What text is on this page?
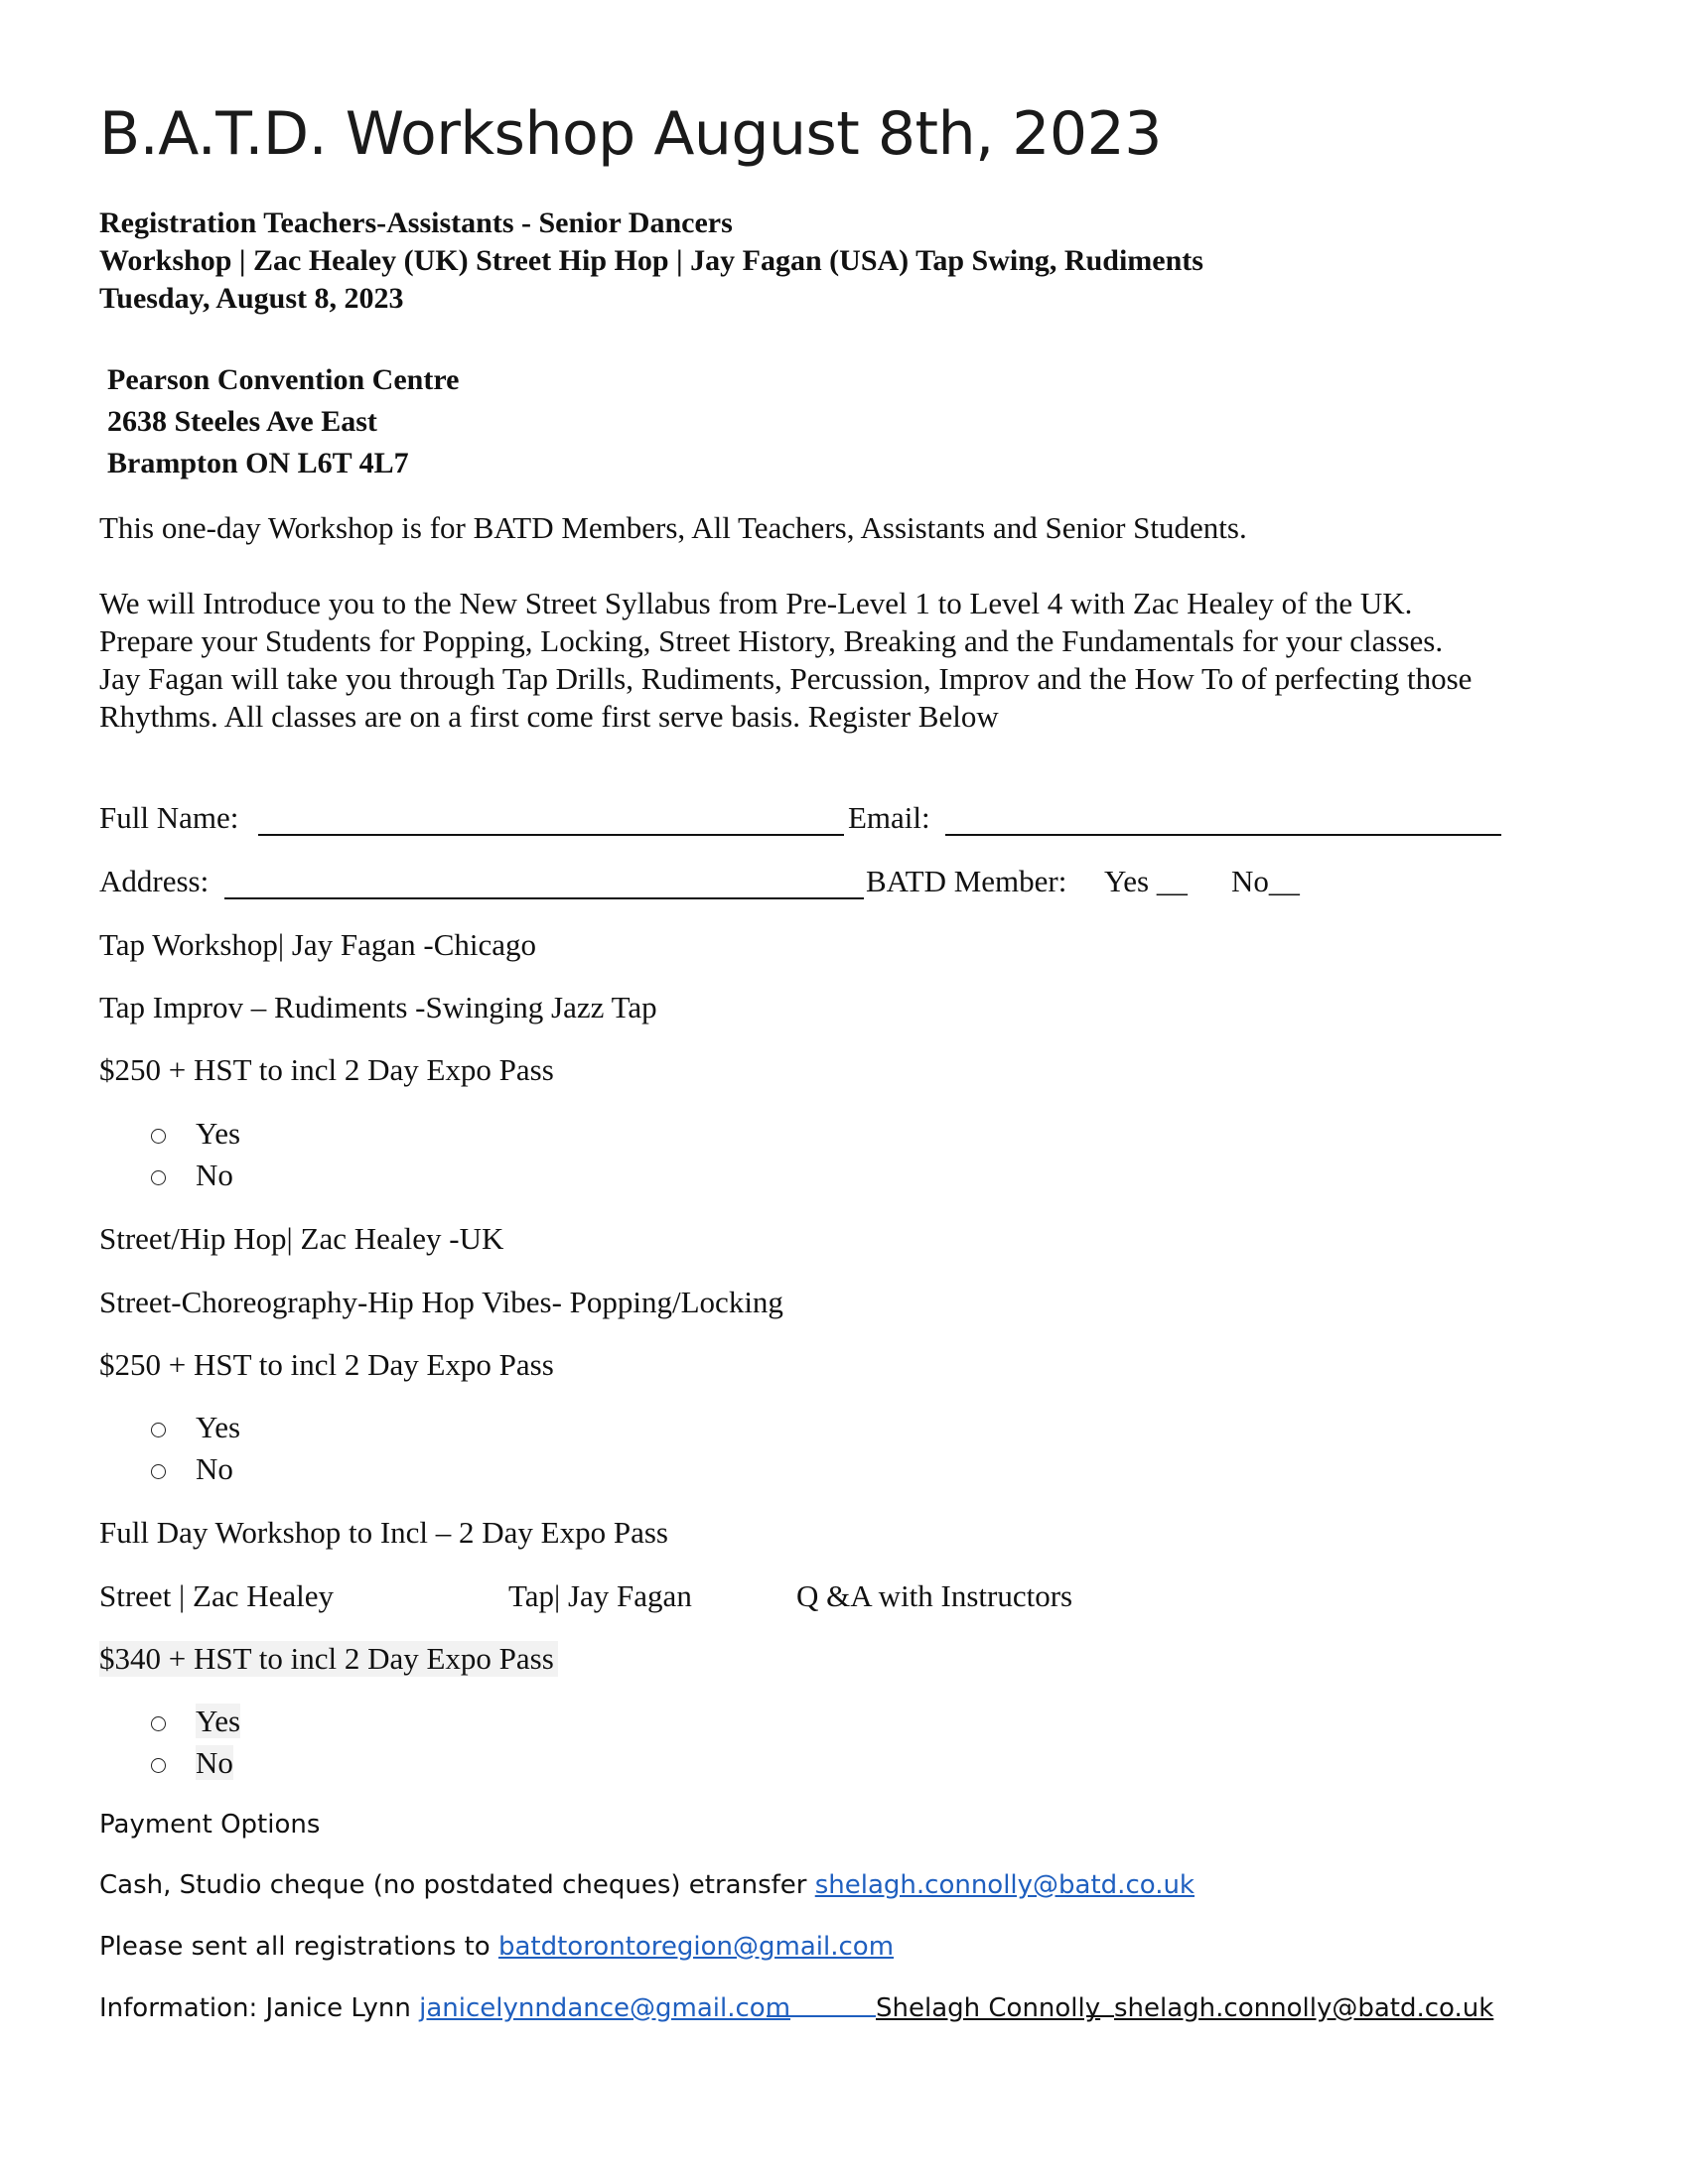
B.A.T.D. Workshop August 8th, 2023
Registration Teachers-Assistants - Senior Dancers
Workshop | Zac Healey (UK) Street Hip Hop | Jay Fagan (USA) Tap Swing, Rudiments
Tuesday, August 8, 2023
Pearson Convention Centre
2638 Steeles Ave East
Brampton ON L6T 4L7
This one-day Workshop is for BATD Members, All Teachers, Assistants and Senior Students.
We will Introduce you to the New Street Syllabus from Pre-Level 1 to Level 4 with Zac Healey of the UK.
Prepare your Students for Popping, Locking, Street History, Breaking and the Fundamentals for your classes.
Jay Fagan will take you through Tap Drills, Rudiments, Percussion, Improv and the How To of perfecting those
Rhythms. All classes are on a first come first serve basis. Register Below
Full Name:	Email:
Address:	BATD Member: Yes __ No__
Tap Workshop| Jay Fagan -Chicago
Tap Improv – Rudiments -Swinging Jazz Tap
$250 + HST to incl 2 Day Expo Pass
Yes
No
Street/Hip Hop| Zac Healey -UK
Street-Choreography-Hip Hop Vibes- Popping/Locking
$250 + HST to incl 2 Day Expo Pass
Yes
No
Full Day Workshop to Incl – 2 Day Expo Pass
Street | Zac Healey	Tap| Jay Fagan	Q &A with Instructors
$340 + HST to incl 2 Day Expo Pass
Yes
No
Payment Options
Cash, Studio cheque (no postdated cheques) etransfer shelagh.connolly@batd.co.uk
Please sent all registrations to batdtorontoregion@gmail.com
Information: Janice Lynn janicelynndance@gmail.com	Shelagh Connolly shelagh.connolly@batd.co.uk
